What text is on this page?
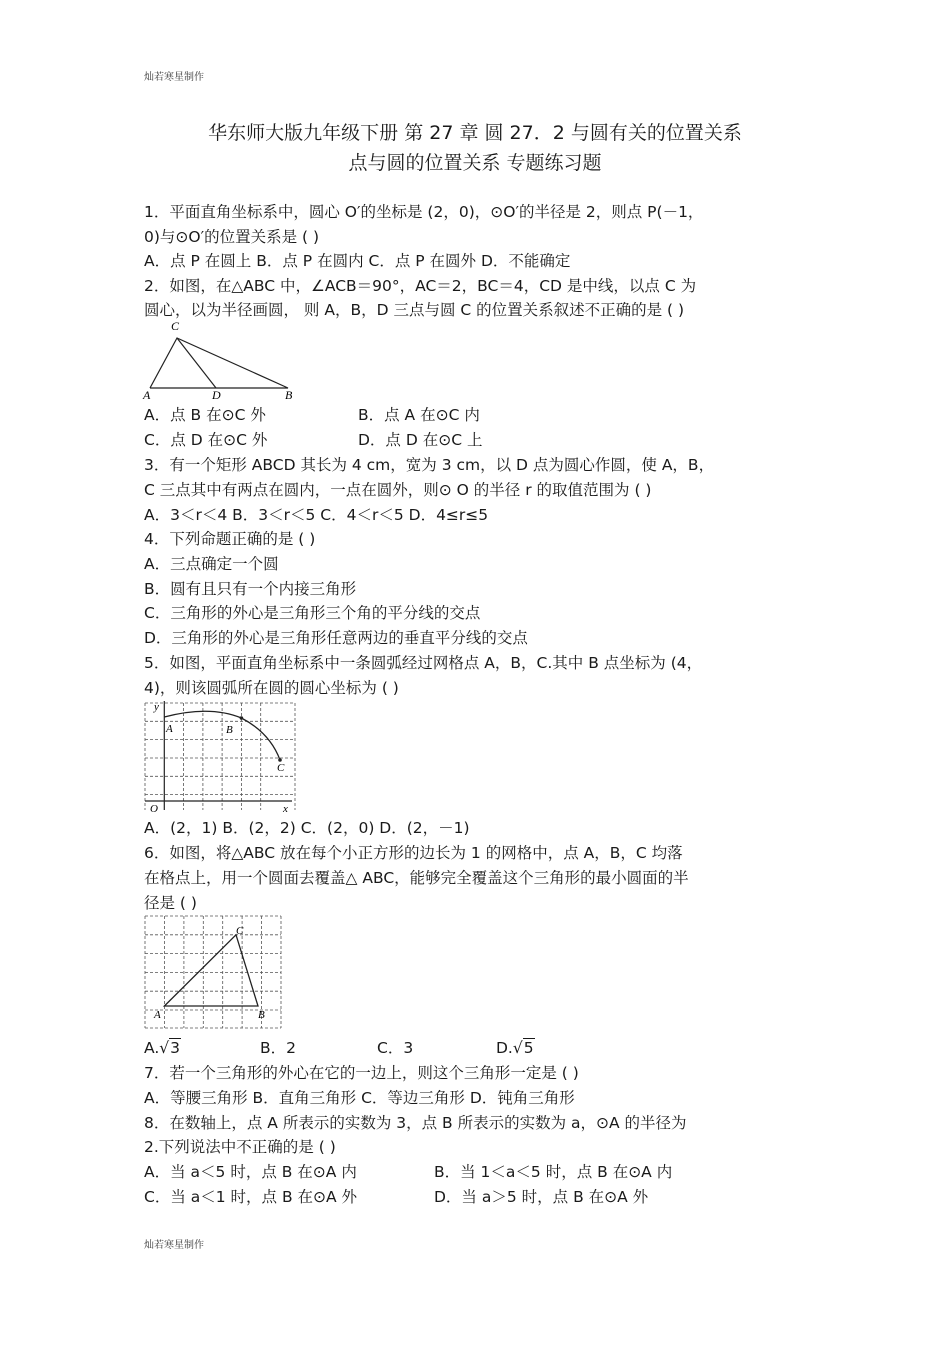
灿若寒星制作
华东师大版九年级下册 第 27 章 圆 27．2 与圆有关的位置关系
点与圆的位置关系 专题练习题
1．平面直角坐标系中，圆心 O′的坐标是 (2，0)，⊙O′的半径是 2，则点 P(－1，
0)与⊙O′的位置关系是 ( )
A．点 P 在圆上 B．点 P 在圆内 C．点 P 在圆外 D．不能确定
2．如图，在△ABC 中，∠ACB＝90°，AC＝2，BC＝4，CD 是中线，以点 C 为
圆心，以为半径画圆， 则 A，B，D 三点与圆 C 的位置关系叙述不正确的是 ( )
C
A	D	B
A．点 B 在⊙C 外	B．点 A 在⊙C 内
C．点 D 在⊙C 外	D．点 D 在⊙C 上
3．有一个矩形 ABCD 其长为 4 cm，宽为 3 cm，以 D 点为圆心作圆，使 A，B，
C 三点其中有两点在圆内，一点在圆外，则⊙ O 的半径 r 的取值范围为 ( )
A．3＜r＜4 B．3＜r＜5 C．4＜r＜5 D．4≤r≤5
4．下列命题正确的是 ( )
A．三点确定一个圆
B．圆有且只有一个内接三角形
C．三角形的外心是三角形三个角的平分线的交点
D．三角形的外心是三角形任意两边的垂直平分线的交点
5．如图，平面直角坐标系中一条圆弧经过网格点 A，B，C.其中 B 点坐标为 (4，
4)，则该圆弧所在圆的圆心坐标为 ( )
y
x
O
A	B
C
A．(2，1) B．(2，2) C．(2，0) D．(2，－1)
6．如图，将△ABC 放在每个小正方形的边长为 1 的网格中，点 A，B，C 均落
在格点上，用一个圆面去覆盖△ ABC，能够完全覆盖这个三角形的最小圆面的半
径是 ( )
C
A	B
A.√3	B．2	C．3	D.√5
7．若一个三角形的外心在它的一边上，则这个三角形一定是 ( )
A．等腰三角形 B．直角三角形 C．等边三角形 D．钝角三角形
8．在数轴上，点 A 所表示的实数为 3，点 B 所表示的实数为 a，⊙A 的半径为
2.下列说法中不正确的是 ( )
A．当 a＜5 时，点 B 在⊙A 内	B．当 1＜a＜5 时，点 B 在⊙A 内
C．当 a＜1 时，点 B 在⊙A 外	D．当 a＞5 时，点 B 在⊙A 外
灿若寒星制作
